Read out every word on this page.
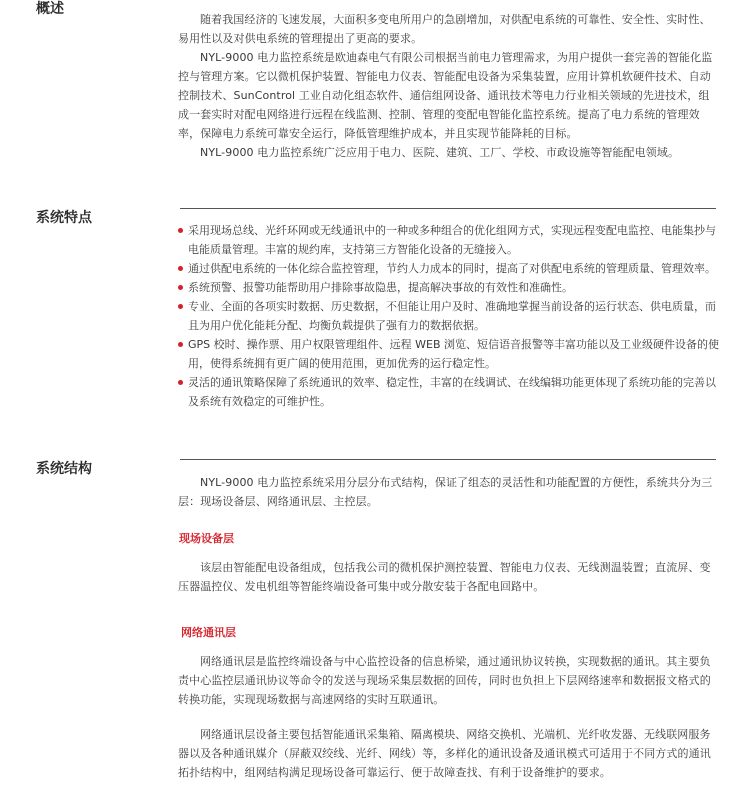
概述

随着我国经济的飞速发展，大面积多变电所用户的急剧增加，对供配电系统的可靠性、安全性、实时性、易用性以及对供电系统的管理提出了更高的要求。

NYL-9000 电力监控系统是欧迪森电气有限公司根据当前电力管理需求，为用户提供一套完善的智能化监控与管理方案。它以微机保护装置、智能电力仪表、智能配电设备为采集装置，应用计算机软硬件技术、自动控制技术、SunControl 工业自动化组态软件、通信组网设备、通讯技术等电力行业相关领域的先进技术，组成一套实时对配电网络进行远程在线监测、控制、管理的变配电智能化监控系统。提高了电力系统的管理效率，保障电力系统可靠安全运行，降低管理维护成本，并且实现节能降耗的目标。

NYL-9000 电力监控系统广泛应用于电力、医院、建筑、工厂、学校、市政设施等智能配电领域。

系统特点
采用现场总线、光纤环网或无线通讯中的一种或多种组合的优化组网方式，实现远程变配电监控、电能集抄与电能质量管理。丰富的规约库，支持第三方智能化设备的无缝接入。
通过供配电系统的一体化综合监控管理，节约人力成本的同时，提高了对供配电系统的管理质量、管理效率。
系统预警、报警功能帮助用户排除事故隐患，提高解决事故的有效性和准确性。
专业、全面的各项实时数据、历史数据，不但能让用户及时、准确地掌握当前设备的运行状态、供电质量，而且为用户优化能耗分配、均衡负载提供了强有力的数据依据。
GPS 校时、操作票、用户权限管理组件、远程 WEB 浏览、短信语音报警等丰富功能以及工业级硬件设备的使用，使得系统拥有更广阔的使用范围，更加优秀的运行稳定性。
灵活的通讯策略保障了系统通讯的效率、稳定性，丰富的在线调试、在线编辑功能更体现了系统功能的完善以及系统有效稳定的可维护性。
系统结构

NYL-9000 电力监控系统采用分层分布式结构，保证了组态的灵活性和功能配置的方便性，系统共分为三层：现场设备层、网络通讯层、主控层。

现场设备层

该层由智能配电设备组成，包括我公司的微机保护测控装置、智能电力仪表、无线测温装置；直流屏、变压器温控仪、发电机组等智能终端设备可集中或分散安装于各配电回路中。

网络通讯层

网络通讯层是监控终端设备与中心监控设备的信息桥梁，通过通讯协议转换，实现数据的通讯。其主要负责中心监控层通讯协议等命令的发送与现场采集层数据的回传，同时也负担上下层网络速率和数据报文格式的转换功能，实现现场数据与高速网络的实时互联通讯。

网络通讯层设备主要包括智能通讯采集箱、隔离模块、网络交换机、光端机、光纤收发器、无线联网服务器以及各种通讯媒介（屏蔽双绞线、光纤、网线）等，多样化的通讯设备及通讯模式可适用于不同方式的通讯拓扑结构中，组网结构满足现场设备可靠运行、便于故障查找、有利于设备维护的要求。
